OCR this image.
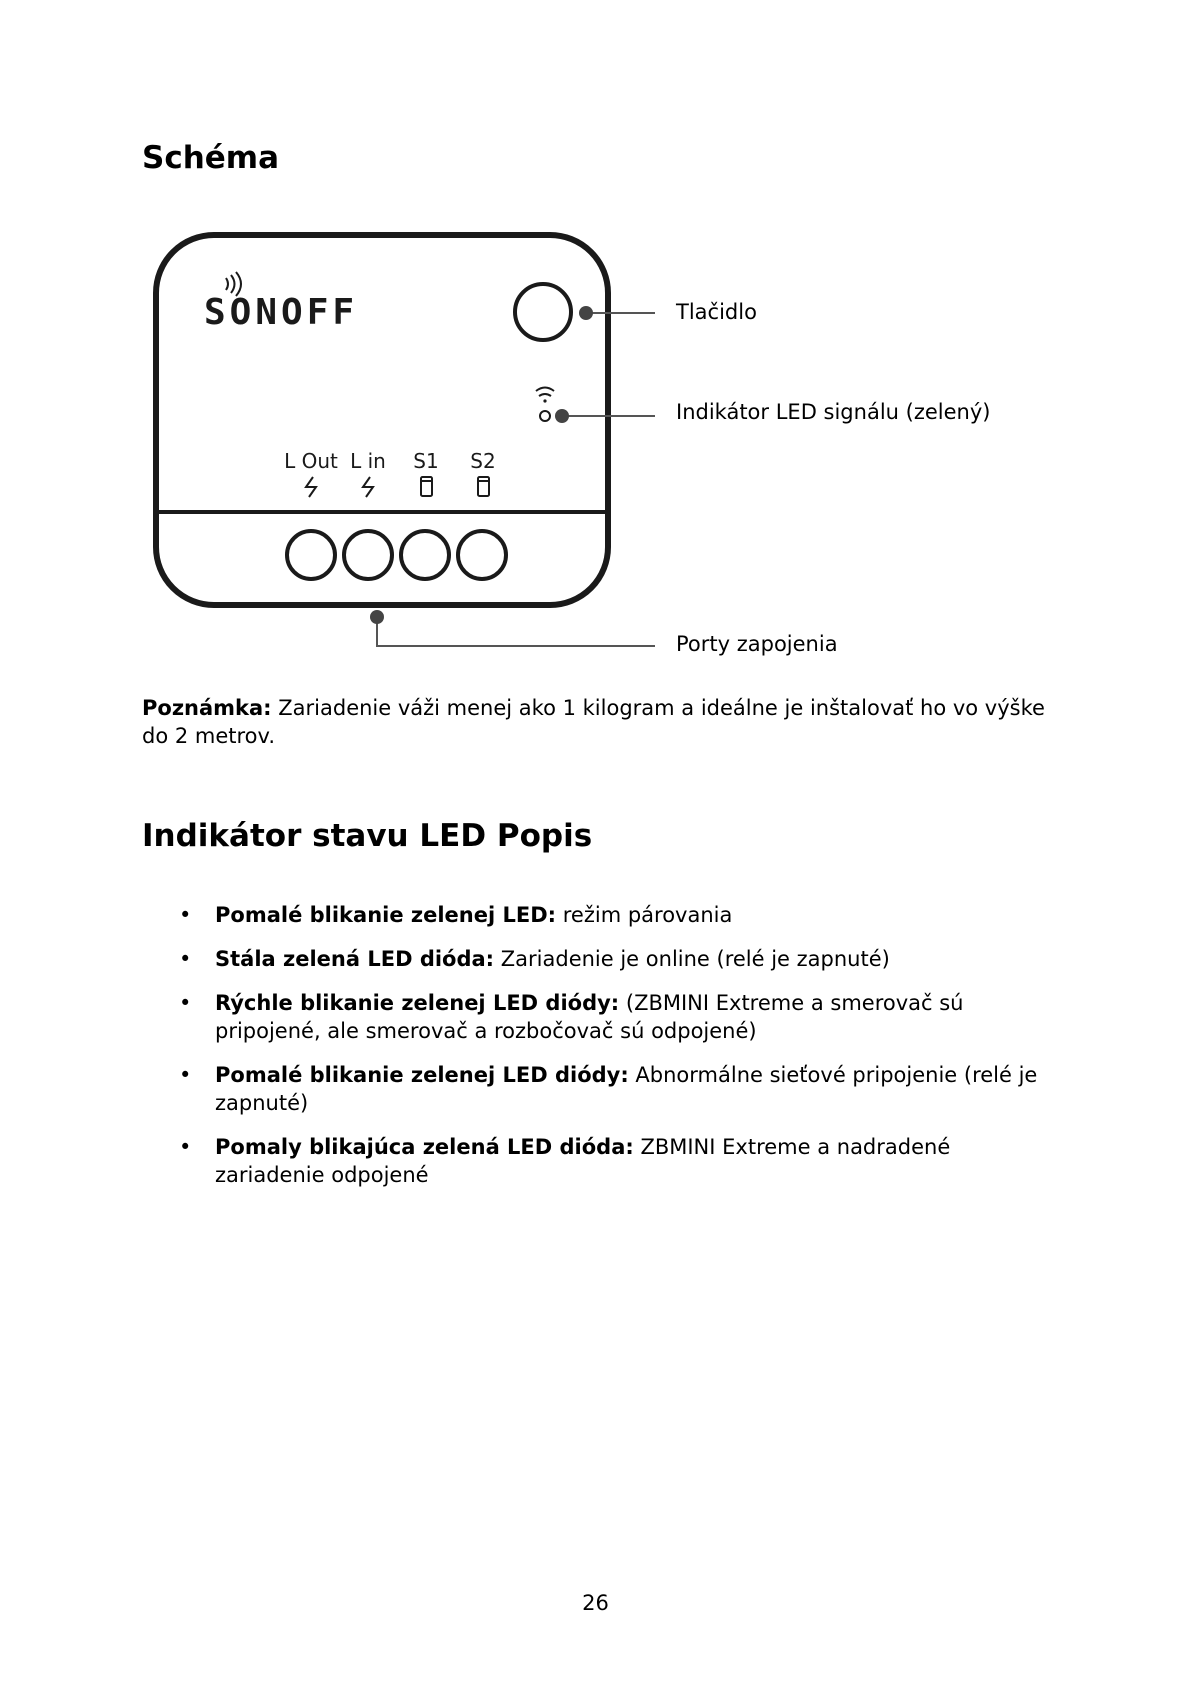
Schéma
SONOFF
L Out L in S1 S2
Tlačidlo
Indikátor LED signálu (zelený)
Porty zapojenia

Poznámka: Zariadenie váži menej ako 1 kilogram a ideálne je inštalovať ho vo výške do 2 metrov.

Indikátor stavu LED Popis
• Pomalé blikanie zelenej LED: režim párovania
• Stála zelená LED dióda: Zariadenie je online (relé je zapnuté)
• Rýchle blikanie zelenej LED diódy: (ZBMINI Extreme a smerovač sú pripojené, ale smerovač a rozbočovač sú odpojené)
• Pomalé blikanie zelenej LED diódy: Abnormálne sieťové pripojenie (relé je zapnuté)
• Pomaly blikajúca zelená LED dióda: ZBMINI Extreme a nadradené zariadenie odpojené
26
